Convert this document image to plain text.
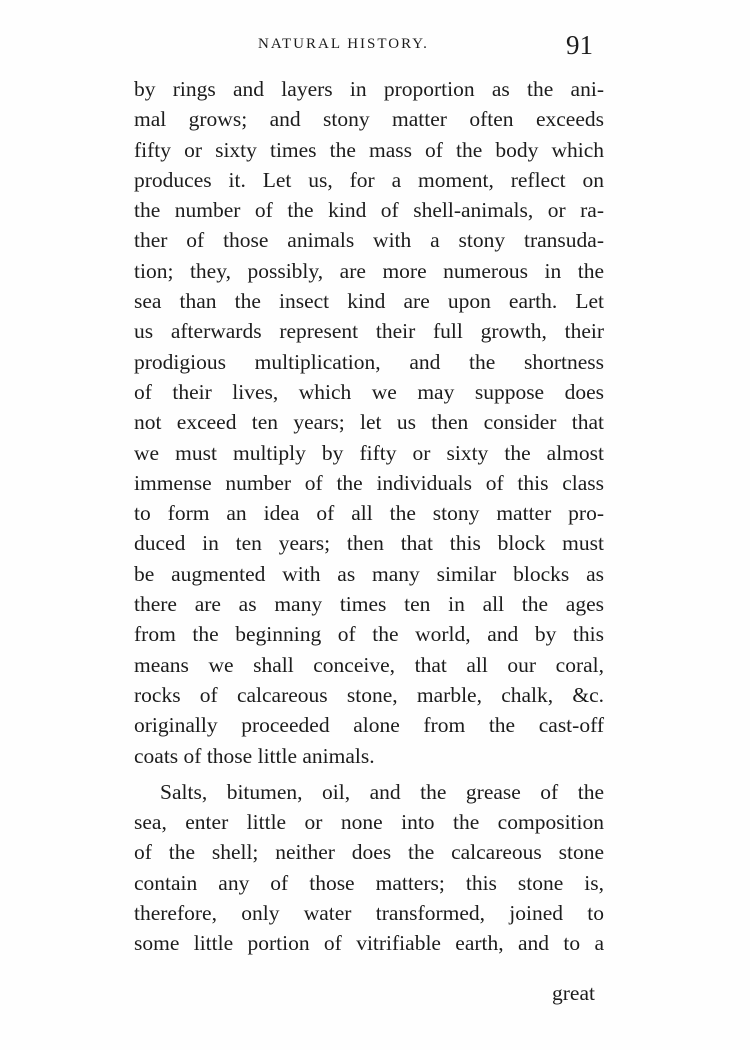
NATURAL HISTORY.	91
by rings and layers in proportion as the ani-
mal grows; and stony matter often exceeds
fifty or sixty times the mass of the body which
produces it. Let us, for a moment, reflect on
the number of the kind of shell-animals, or ra-
ther of those animals with a stony transuda-
tion; they, possibly, are more numerous in the
sea than the insect kind are upon earth. Let
us afterwards represent their full growth, their
prodigious multiplication, and the shortness
of their lives, which we may suppose does
not exceed ten years; let us then consider that
we must multiply by fifty or sixty the almost
immense number of the individuals of this class
to form an idea of all the stony matter pro-
duced in ten years; then that this block must
be augmented with as many similar blocks as
there are as many times ten in all the ages
from the beginning of the world, and by this
means we shall conceive, that all our coral,
rocks of calcareous stone, marble, chalk, &c.
originally proceeded alone from the cast-off
coats of those little animals.
Salts, bitumen, oil, and the grease of the
sea, enter little or none into the composition
of the shell; neither does the calcareous stone
contain any of those matters; this stone is,
therefore, only water transformed, joined to
some little portion of vitrifiable earth, and to a
great
